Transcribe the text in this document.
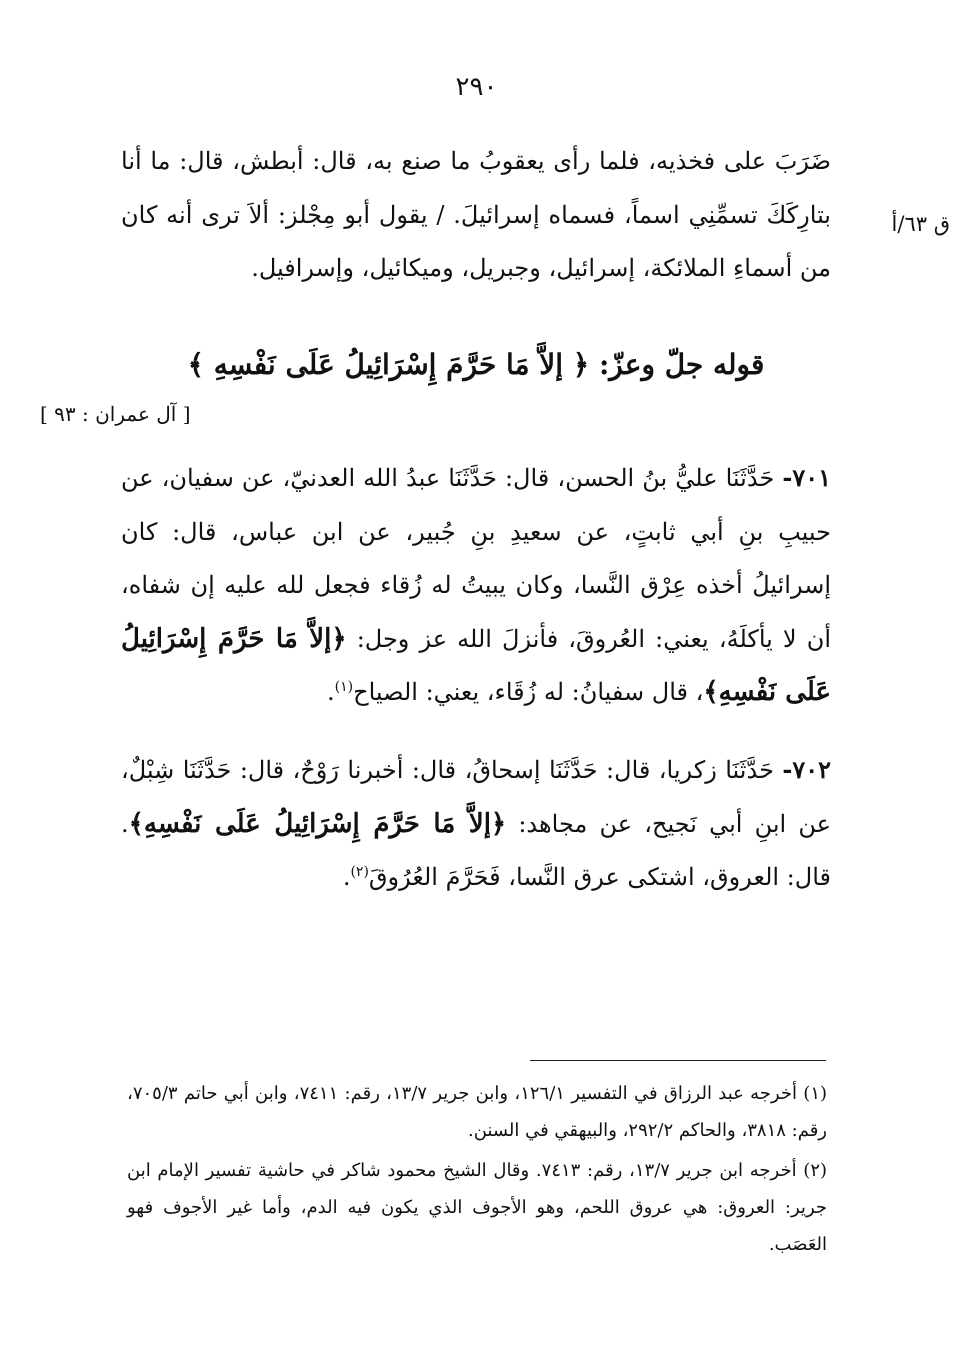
٢٩٠
ق ٦٣/أ

ضَرَبَ على فخذيه، فلما رأى يعقوبُ ما صنع به، قال: أبطش، قال: ما أنا بتارِكَكَ تسمِّنِي اسماً، فسماه إسرائيلَ. / يقول أبو مِجْلز: ألاَ ترى أنه كان من أسماءِ الملائكة، إسرائيل، وجبريل، وميكائيل، وإسرافيل.

قوله جلّ وعزّ: ﴿ إلاَّ مَا حَرَّمَ إِسْرَائِيلُ عَلَى نَفْسِهِ ﴾
[ آل عمران : ٩٣ ]

٧٠١- حَدَّثَنَا عليُّ بنُ الحسن، قال: حَدَّثَنَا عبدُ الله العدنيّ، عن سفيان، عن حبيبِ بنِ أبي ثابتٍ، عن سعيدِ بنِ جُبير، عن ابن عباس، قال: كان إسرائيلُ أخذه عِرْق النَّسا، وكان يبيتُ له زُقاء فجعل لله عليه إن شفاه، أن لا يأكلَهُ، يعني: العُروقَ، فأنزلَ الله عز وجل: ﴿إلاَّ مَا حَرَّمَ إِسْرَائِيلُ عَلَى نَفْسِهِ﴾، قال سفيانُ: له زُقَاء، يعني: الصياح$^{(١)}$.

٧٠٢- حَدَّثَنَا زكريا، قال: حَدَّثَنَا إسحاقُ، قال: أخبرنا رَوْحٌ، قال: حَدَّثَنَا شِبْلٌ، عن ابنِ أبي نَجيح، عن مجاهد: ﴿إلاَّ مَا حَرَّمَ إِسْرَائِيلُ عَلَى نَفْسِهِ﴾. قال: العروق، اشتكى عرق النَّسا، فَحَرَّمَ العُرُوقَ$^{(٢)}$.

(١) أخرجه عبد الرزاق في التفسير ١٢٦/١، وابن جرير ١٣/٧، رقم: ٧٤١١، وابن أبي حاتم ٧٠٥/٣، رقم: ٣٨١٨، والحاكم ٢٩٢/٢، والبيهقي في السنن.

(٢) أخرجه ابن جرير ١٣/٧، رقم: ٧٤١٣. وقال الشيخ محمود شاكر في حاشية تفسير الإمام ابن جرير: العروق: هي عروق اللحم، وهو الأجوف الذي يكون فيه الدم، وأما غير الأجوف فهو العَصَب.
